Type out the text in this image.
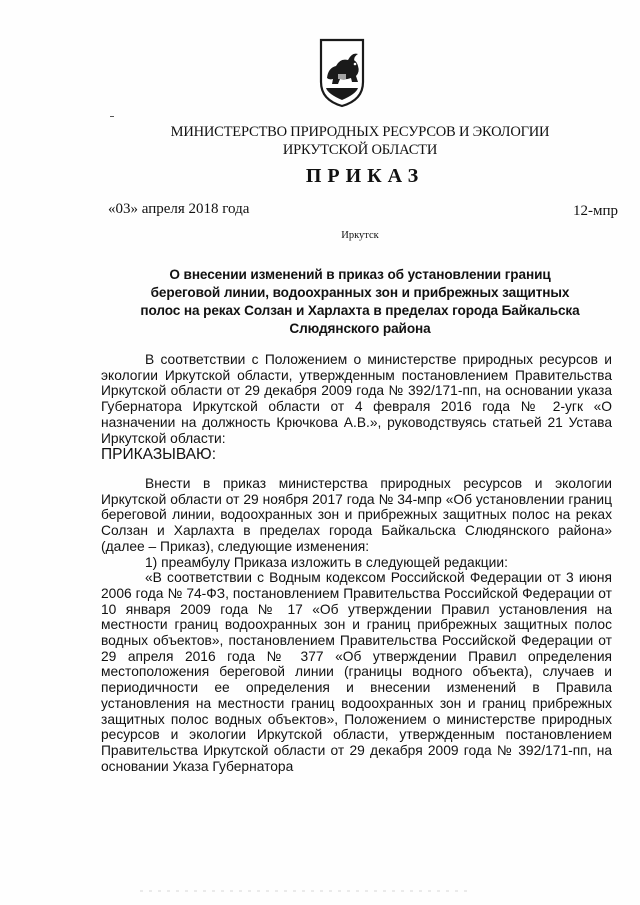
МИНИСТЕРСТВО ПРИРОДНЫХ РЕСУРСОВ И ЭКОЛОГИИ
ИРКУТСКОЙ ОБЛАСТИ
ПРИКАЗ
«03» апреля 2018 года	12-мпр
Иркутск
О внесении изменений в приказ об установлении границ
береговой линии, водоохранных зон и прибрежных защитных
полос на реках Солзан и Харлахта в пределах города Байкальска
Слюдянского района

В соответствии с Положением о министерстве природных ресурсов и экологии Иркутской области, утвержденным постановлением Правительства Иркутской области от 29 декабря 2009 года № 392/171-пп, на основании указа Губернатора Иркутской области от 4 февраля 2016 года № 2-угк «О назначении на должность Крючкова А.В.», руководствуясь статьей 21 Устава Иркутской области:

ПРИКАЗЫВАЮ:

Внести в приказ министерства природных ресурсов и экологии Иркутской области от 29 ноября 2017 года № 34-мпр «Об установлении границ береговой линии, водоохранных зон и прибрежных защитных полос на реках Солзан и Харлахта в пределах города Байкальска Слюдянского района» (далее – Приказ), следующие изменения:

1) преамбулу Приказа изложить в следующей редакции:

«В соответствии с Водным кодексом Российской Федерации от 3 июня 2006 года № 74-ФЗ, постановлением Правительства Российской Федерации от 10 января 2009 года № 17 «Об утверждении Правил установления на местности границ водоохранных зон и границ прибрежных защитных полос водных объектов», постановлением Правительства Российской Федерации от 29 апреля 2016 года № 377 «Об утверждении Правил определения местоположения береговой линии (границы водного объекта), случаев и периодичности ее определения и внесении изменений в Правила установления на местности границ водоохранных зон и границ прибрежных защитных полос водных объектов», Положением о министерстве природных ресурсов и экологии Иркутской области, утвержденным постановлением Правительства Иркутской области от 29 декабря 2009 года № 392/171-пп, на основании Указа Губернатора
